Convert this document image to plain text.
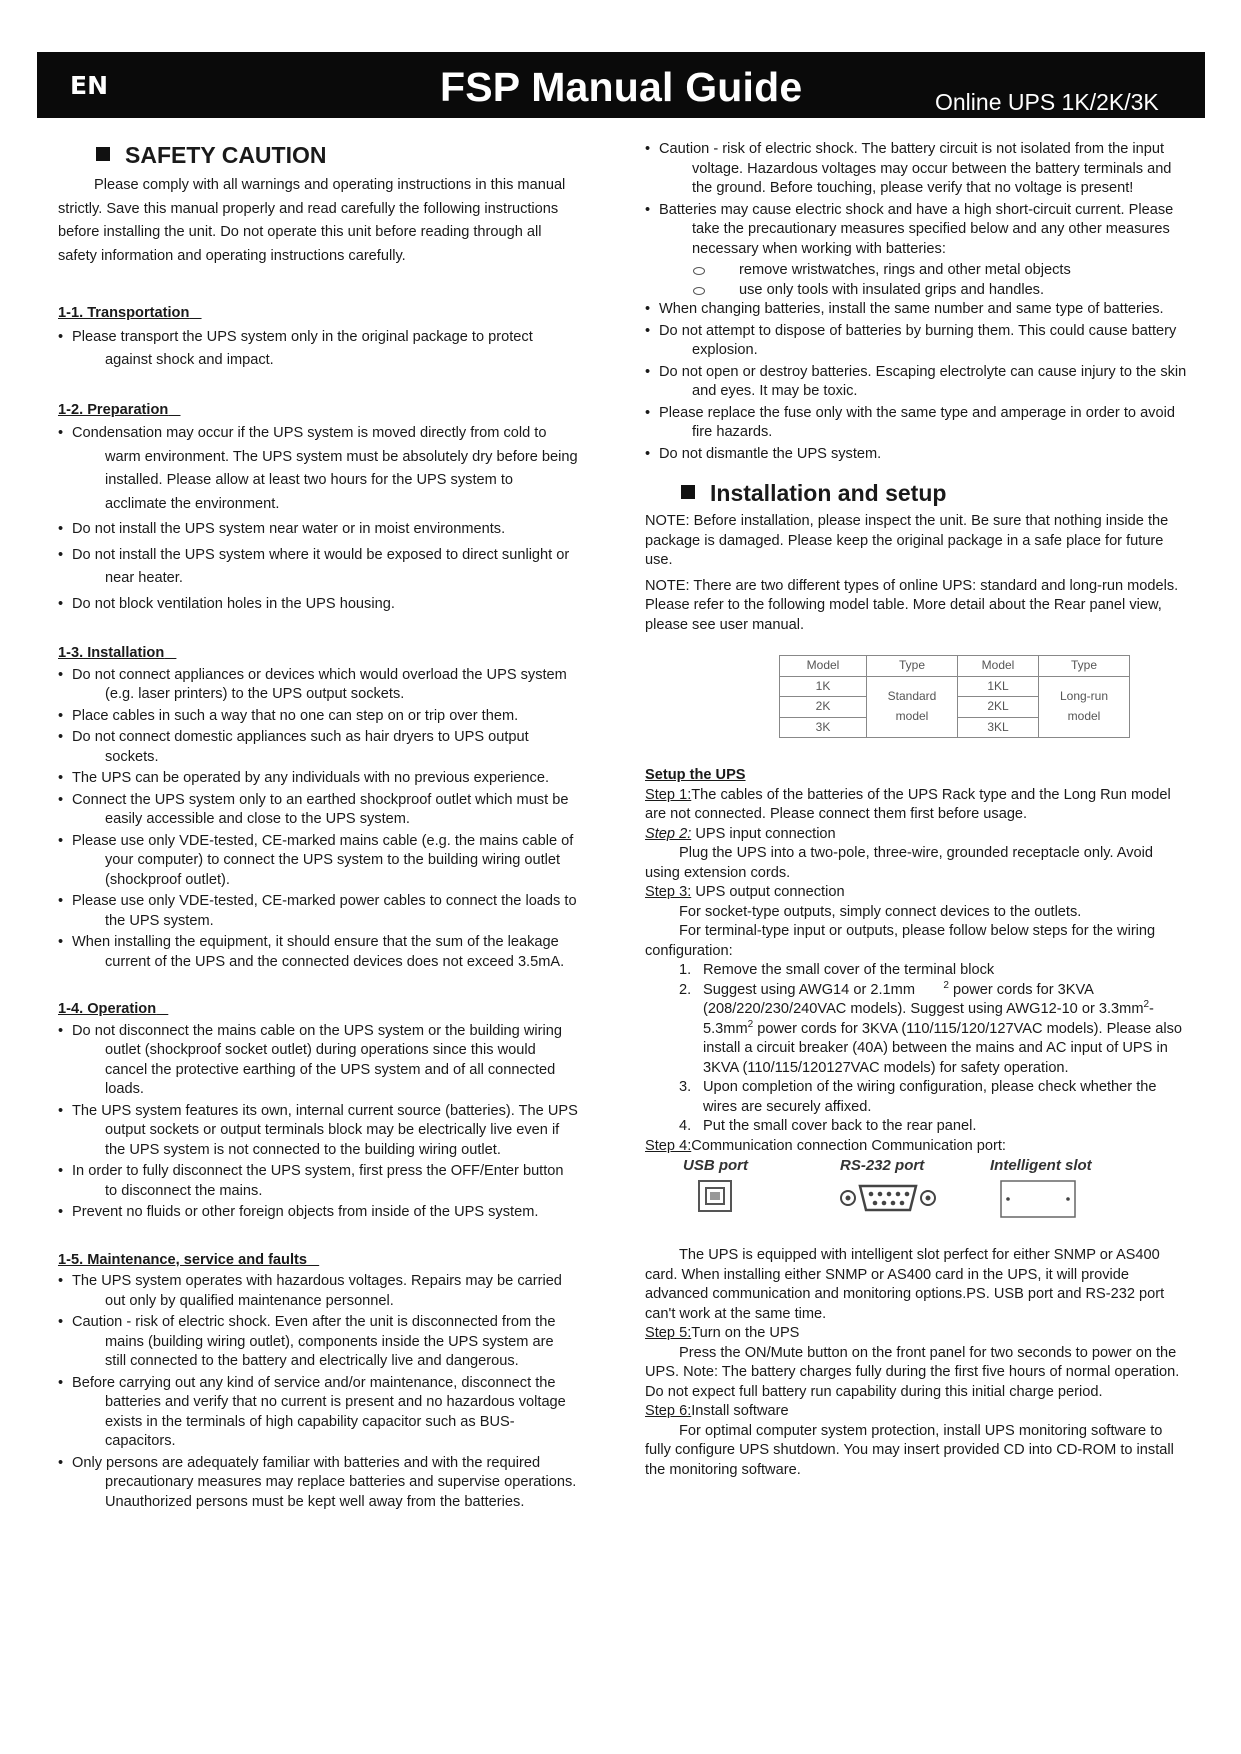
EN	FSP Manual Guide	Online UPS 1K/2K/3K
SAFETY CAUTION
Please comply with all warnings and operating instructions in this manual strictly. Save this manual properly and read carefully the following instructions before installing the unit. Do not operate this unit before reading through all safety information and operating instructions carefully.
1-1. Transportation
• Please transport the UPS system only in the original package to protect against shock and impact.
1-2. Preparation
• Condensation may occur if the UPS system is moved directly from cold to warm environment. The UPS system must be absolutely dry before being installed. Please allow at least two hours for the UPS system to acclimate the environment.
• Do not install the UPS system near water or in moist environments.
• Do not install the UPS system where it would be exposed to direct sunlight or near heater.
• Do not block ventilation holes in the UPS housing.
1-3. Installation
• Do not connect appliances or devices which would overload the UPS system (e.g. laser printers) to the UPS output sockets.
• Place cables in such a way that no one can step on or trip over them.
• Do not connect domestic appliances such as hair dryers to UPS output sockets.
• The UPS can be operated by any individuals with no previous experience.
• Connect the UPS system only to an earthed shockproof outlet which must be easily accessible and close to the UPS system.
• Please use only VDE-tested, CE-marked mains cable (e.g. the mains cable of your computer) to connect the UPS system to the building wiring outlet (shockproof outlet).
• Please use only VDE-tested, CE-marked power cables to connect the loads to the UPS system.
• When installing the equipment, it should ensure that the sum of the leakage current of the UPS and the connected devices does not exceed 3.5mA.
1-4. Operation
• Do not disconnect the mains cable on the UPS system or the building wiring outlet (shockproof socket outlet) during operations since this would cancel the protective earthing of the UPS system and of all connected loads.
• The UPS system features its own, internal current source (batteries). The UPS output sockets or output terminals block may be electrically live even if the UPS system is not connected to the building wiring outlet.
• In order to fully disconnect the UPS system, first press the OFF/Enter button to disconnect the mains.
• Prevent no fluids or other foreign objects from inside of the UPS system.
1-5. Maintenance, service and faults
• The UPS system operates with hazardous voltages. Repairs may be carried out only by qualified maintenance personnel.
• Caution - risk of electric shock. Even after the unit is disconnected from the mains (building wiring outlet), components inside the UPS system are still connected to the battery and electrically live and dangerous.
• Before carrying out any kind of service and/or maintenance, disconnect the batteries and verify that no current is present and no hazardous voltage exists in the terminals of high capability capacitor such as BUS-capacitors.
• Only persons are adequately familiar with batteries and with the required precautionary measures may replace batteries and supervise operations. Unauthorized persons must be kept well away from the batteries.
• Caution - risk of electric shock. The battery circuit is not isolated from the input voltage. Hazardous voltages may occur between the battery terminals and the ground. Before touching, please verify that no voltage is present!
• Batteries may cause electric shock and have a high short-circuit current. Please take the precautionary measures specified below and any other measures necessary when working with batteries:
remove wristwatches, rings and other metal objects
use only tools with insulated grips and handles.
• When changing batteries, install the same number and same type of batteries.
• Do not attempt to dispose of batteries by burning them. This could cause battery explosion.
• Do not open or destroy batteries. Escaping electrolyte can cause injury to the skin and eyes. It may be toxic.
• Please replace the fuse only with the same type and amperage in order to avoid fire hazards.
• Do not dismantle the UPS system.
Installation and setup
NOTE: Before installation, please inspect the unit. Be sure that nothing inside the package is damaged. Please keep the original package in a safe place for future use.
NOTE: There are two different types of online UPS: standard and long-run models. Please refer to the following model table. More detail about the Rear panel view, please see user manual.
Model	Type	Model	Type
1K	Standard model	1KL	Long-run model
2K		2KL	
3K		3KL	
Setup the UPS
Step 1:The cables of the batteries of the UPS Rack type and the Long Run model are not connected. Please connect them first before usage.
Step 2: UPS input connection
Plug the UPS into a two-pole, three-wire, grounded receptacle only. Avoid using extension cords.
Step 3: UPS output connection
For socket-type outputs, simply connect devices to the outlets.
For terminal-type input or outputs, please follow below steps for the wiring configuration:
1. Remove the small cover of the terminal block
2. Suggest using AWG14 or 2.1mm	$^2$ power cords for 3KVA (208/220/230/240VAC models). Suggest using AWG12-10 or $3.3mm^2-5.3mm^2$ power cords for 3KVA (110/115/120/127VAC models). Please also install a circuit breaker (40A) between the mains and AC input of UPS in 3KVA (110/115/120127VAC models) for safety operation.
3. Upon completion of the wiring configuration, please check whether the wires are securely affixed.
4. Put the small cover back to the rear panel.
Step 4:Communication connection Communication port:
USB port	RS-232 port	Intelligent slot
The UPS is equipped with intelligent slot perfect for either SNMP or AS400 card. When installing either SNMP or AS400 card in the UPS, it will provide advanced communication and monitoring options.PS. USB port and RS-232 port can't work at the same time.
Step 5:Turn on the UPS
Press the ON/Mute button on the front panel for two seconds to power on the UPS. Note: The battery charges fully during the first five hours of normal operation. Do not expect full battery run capability during this initial charge period.
Step 6:Install software
For optimal computer system protection, install UPS monitoring software to fully configure UPS shutdown. You may insert provided CD into CD-ROM to install the monitoring software.
